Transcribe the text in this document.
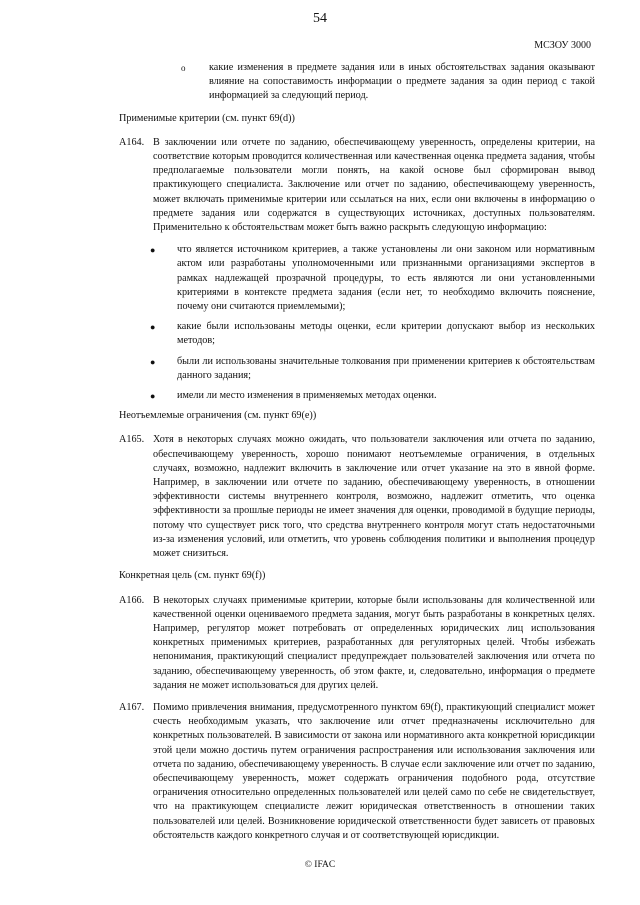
54
МСЗОУ 3000
o какие изменения в предмете задания или в иных обстоятельствах задания оказывают влияние на сопоставимость информации о предмете задания за один период с такой информацией за следующий период.
Применимые критерии (см. пункт 69(d))
A164. В заключении или отчете по заданию, обеспечивающему уверенность, определены критерии, на соответствие которым проводится количественная или качественная оценка предмета задания, чтобы предполагаемые пользователи могли понять, на какой основе был сформирован вывод практикующего специалиста. Заключение или отчет по заданию, обеспечивающему уверенность, может включать применимые критерии или ссылаться на них, если они включены в информацию о предмете задания или содержатся в существующих источниках, доступных пользователям. Применительно к обстоятельствам может быть важно раскрыть следующую информацию:
● что является источником критериев, а также установлены ли они законом или нормативным актом или разработаны уполномоченными или признанными организациями экспертов в рамках надлежащей прозрачной процедуры, то есть являются ли они установленными критериями в контексте предмета задания (если нет, то необходимо включить пояснение, почему они считаются приемлемыми);
● какие были использованы методы оценки, если критерии допускают выбор из нескольких методов;
● были ли использованы значительные толкования при применении критериев к обстоятельствам данного задания;
● имели ли место изменения в применяемых методах оценки.
Неотъемлемые ограничения (см. пункт 69(e))
A165. Хотя в некоторых случаях можно ожидать, что пользователи заключения или отчета по заданию, обеспечивающему уверенность, хорошо понимают неотъемлемые ограничения, в отдельных случаях, возможно, надлежит включить в заключение или отчет указание на это в явной форме. Например, в заключении или отчете по заданию, обеспечивающему уверенность, в отношении эффективности системы внутреннего контроля, возможно, надлежит отметить, что оценка эффективности за прошлые периоды не имеет значения для оценки, проводимой в будущие периоды, потому что существует риск того, что средства внутреннего контроля могут стать недостаточными из-за изменения условий, или отметить, что уровень соблюдения политики и выполнения процедур может снизиться.
Конкретная цель (см. пункт 69(f))
A166. В некоторых случаях применимые критерии, которые были использованы для количественной или качественной оценки оцениваемого предмета задания, могут быть разработаны в конкретных целях. Например, регулятор может потребовать от определенных юридических лиц использования конкретных применимых критериев, разработанных для регуляторных целей. Чтобы избежать непонимания, практикующий специалист предупреждает пользователей заключения или отчета по заданию, обеспечивающему уверенность, об этом факте, и, следовательно, информация о предмете задания не может использоваться для других целей.
A167. Помимо привлечения внимания, предусмотренного пунктом 69(f), практикующий специалист может счесть необходимым указать, что заключение или отчет предназначены исключительно для конкретных пользователей. В зависимости от закона или нормативного акта конкретной юрисдикции этой цели можно достичь путем ограничения распространения или использования заключения или отчета по заданию, обеспечивающему уверенность. В случае если заключение или отчет по заданию, обеспечивающему уверенность, может содержать ограничения подобного рода, отсутствие ограничения относительно определенных пользователей или целей само по себе не свидетельствует, что на практикующем специалисте лежит юридическая ответственность в отношении таких пользователей или целей. Возникновение юридической ответственности будет зависеть от правовых обстоятельств каждого конкретного случая и от соответствующей юрисдикции.
© IFAC
